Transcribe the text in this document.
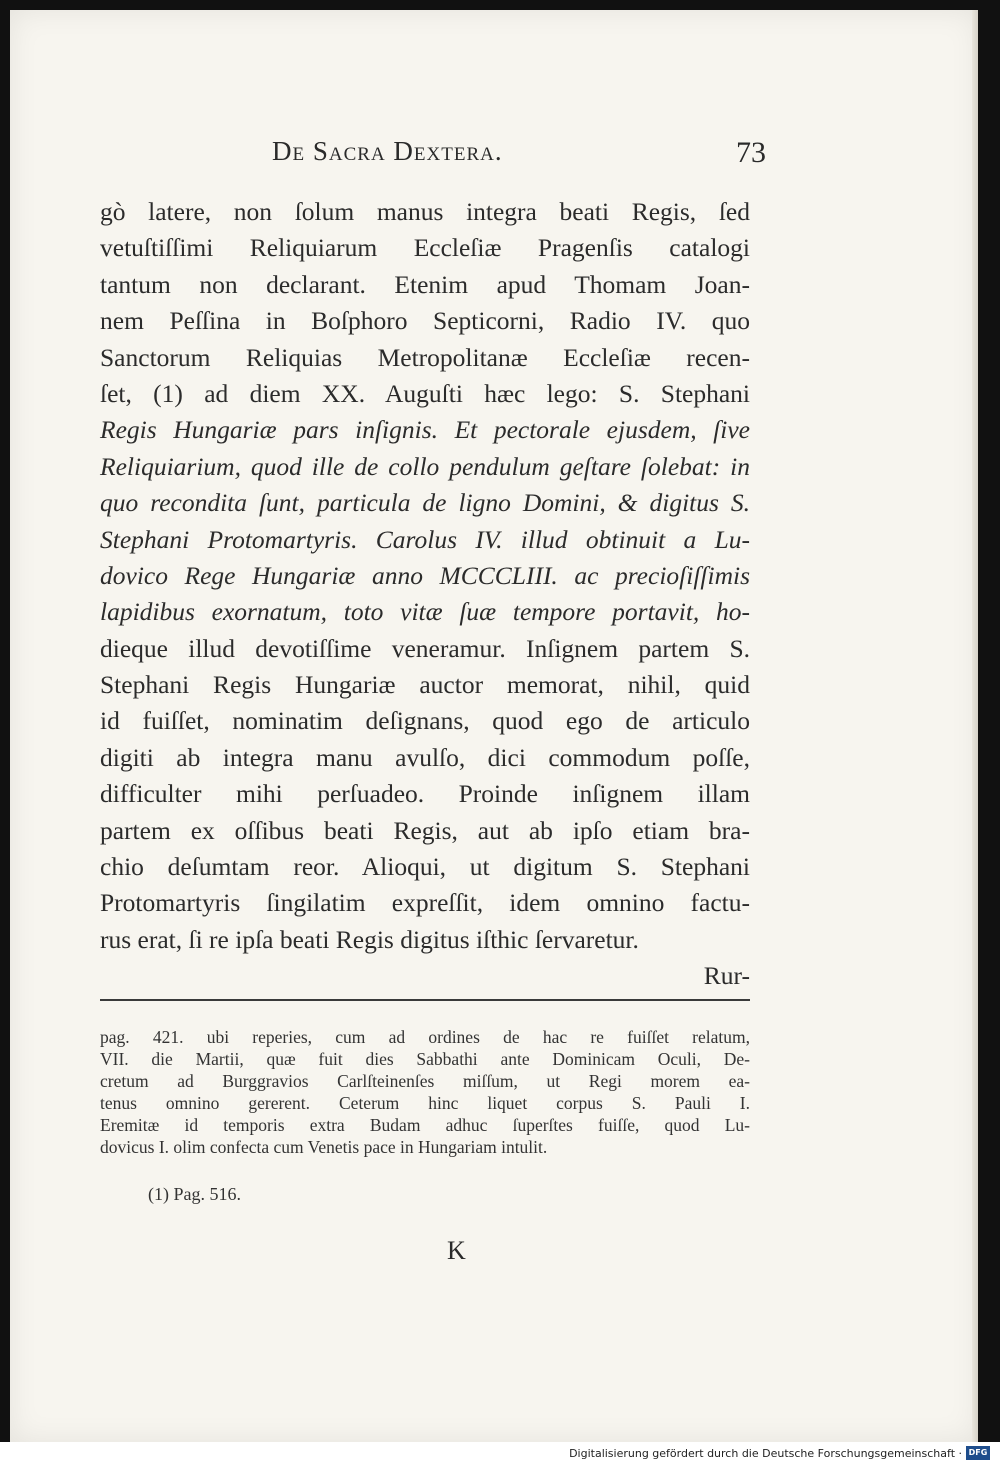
De Sacra Dextera.	73
gò latere, non ſolum manus integra beati Regis, ſed
vetuſtiſſimi Reliquiarum Eccleſiæ Pragenſis catalogi
tantum non declarant. Etenim apud Thomam Joan-
nem Peſſina in Boſphoro Septicorni, Radio IV. quo
Sanctorum Reliquias Metropolitanæ Eccleſiæ recen-
ſet, (1) ad diem XX. Auguſti hæc lego: S. Stephani
Regis Hungariæ pars inſignis. Et pectorale ejusdem, ſive
Reliquiarium, quod ille de collo pendulum geſtare ſolebat: in
quo recondita ſunt, particula de ligno Domini, & digitus S.
Stephani Protomartyris. Carolus IV. illud obtinuit a Lu-
dovico Rege Hungariæ anno MCCCLIII. ac precioſiſſimis
lapidibus exornatum, toto vitæ ſuæ tempore portavit, ho-
dieque illud devotiſſime veneramur. Inſignem partem S.
Stephani Regis Hungariæ auctor memorat, nihil, quid
id fuiſſet, nominatim deſignans, quod ego de articulo
digiti ab integra manu avulſo, dici commodum poſſe,
difficulter mihi perſuadeo. Proinde inſignem illam
partem ex oſſibus beati Regis, aut ab ipſo etiam bra-
chio deſumtam reor. Alioqui, ut digitum S. Stephani
Protomartyris ſingilatim expreſſit, idem omnino factu-
rus erat, ſi re ipſa beati Regis digitus iſthic ſervaretur.
Rur-
pag. 421. ubi reperies, cum ad ordines de hac re fuiſſet relatum,
VII. die Martii, quæ fuit dies Sabbathi ante Dominicam Oculi, De-
cretum ad Burggravios Carlſteinenſes miſſum, ut Regi morem ea-
tenus omnino gererent. Ceterum hinc liquet corpus S. Pauli I.
Eremitæ id temporis extra Budam adhuc ſuperſtes fuiſſe, quod Lu-
dovicus I. olim confecta cum Venetis pace in Hungariam intulit.
(1) Pag. 516.
K
Digitalisierung gefördert durch die Deutsche Forschungsgemeinschaft · DFG
